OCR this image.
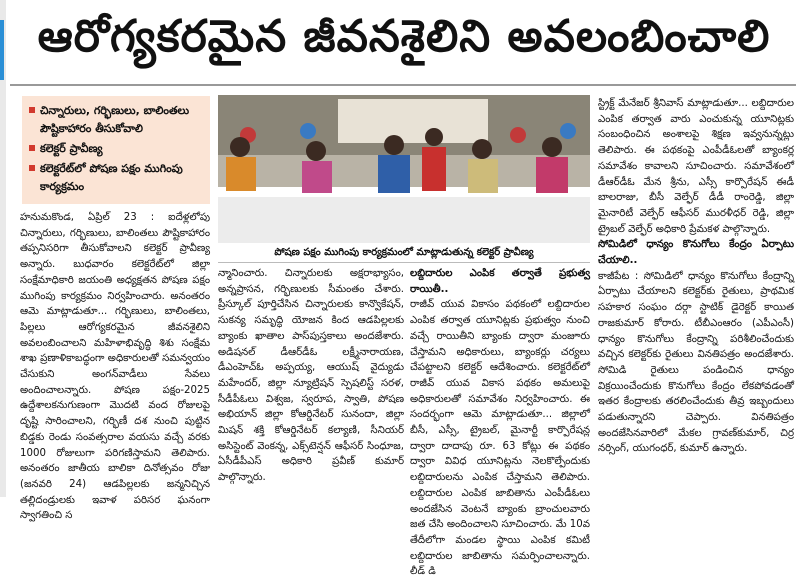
ఆరోగ్యకరమైన జీవనశైలిని అవలంబించాలి
చిన్నారులు, గర్భిణులు, బాలింతలు పౌష్టికాహారం తీసుకోవాలి
కలెక్టర్ ప్రావీణ్య
కలెక్టరేట్‌లో పోషణ పక్షం ముగింపు కార్యక్రమం
పోషణ పక్షం ముగింపు కార్యక్రమంలో మాట్లాడుతున్న కలెక్టర్ ప్రావీణ్య

హనుమకొండ, ఏప్రిల్ 23 : ఐదేళ్లలోపు చిన్నారులు, గర్భిణులు, బాలింతలు పౌష్టికాహారం తప్పనిసరిగా తీసుకోవాలని కలెక్టర్ ప్రావీణ్య అన్నారు. బుధవారం కలెక్టరేట్‌లో జిల్లా సంక్షేమాధికారి జయంతి అధ్యక్షతన పోషణ పక్షం ముగింపు కార్యక్రమం నిర్వహించారు. అనంతరం ఆమె మాట్లాడుతూ... గర్భిణులు, బాలింతలు, పిల్లలు ఆరోగ్యకరమైన జీవనశైలిని అవలంబించాలని మహిళాభివృద్ధి శిశు సంక్షేమ శాఖ ప్రణాళికాబద్ధంగా అధికారులతో సమన్వయం చేసుకుని అంగన్‌వాడీలు సేవలు అందించాలన్నారు. పోషణ పక్షం-2025 ఉద్దేశాలకనుగుణంగా మొదటి వంద రోజులపై దృష్టి సారించాలని, గర్భిణీ దశ నుంచి పుట్టిన బిడ్డకు రెండు సంవత్సరాల వయసు వచ్చే వరకు 1000 రోజులుగా పరిగణిస్తామని తెలిపారు. అనంతరం జాతీయ బాలికా దినోత్సవం రోజు (జనవరి 24) ఆడపిల్లలకు జన్మనిచ్చిన తల్లిదండ్రులకు ఇవాళ పరిసర ఘనంగా స్వాగతించి స

న్మానించారు. చిన్నారులకు అక్షరాభ్యాసం, అన్నప్రాసన, గర్భిణులకు సీమంతం చేశారు. ప్రీస్కూల్ పూర్తిచేసిన చిన్నారులకు కాన్వొకేషన్, సుకన్య సమృద్ధి యోజన కింద ఆడపిల్లలకు బ్యాంకు ఖాతాల పాస్‌పుస్తకాలు అందజేశారు. అడిషనల్ డీఆర్‌డీఓ లక్ష్మీనారాయణ, డీఎంహెచ్‌ఓ అప్పయ్య, ఆయుష్ వైద్యుడు మహేందర్, జిల్లా న్యూట్రిషన్ స్పెషలిస్ట్ సరళ, సీడీపీఓలు విశ్వజ, స్వరూప, స్వాతి, పోషణ అభియాన్ జిల్లా కోఆర్డినేటర్ సునందా, జిల్లా మిషన్ శక్తి కోఆర్డినేటర్ కల్యాణి, సీనియర్ అసిస్టెంట్ వెంకన్న, ఎక్స్‌టెన్షన్ ఆఫీసర్ సింధూజ, ఏసీడీపీఎస్ అధికారి ప్రవీణ్ కుమార్ పాల్గొన్నారు.

లబ్దిదారుల ఎంపిక తర్వాతే ప్రభుత్వ రాయితీ..

రాజీవ్ యువ వికాసం పథకంలో లబ్దిదారుల ఎంపిక తర్వాత యూనిట్లకు ప్రభుత్వం నుంచి వచ్చే రాయితీని బ్యాంకు ద్వారా మంజూరు చేస్తామని అధికారులు, బ్యాంకర్లు చర్యలు చేపట్టాలని కలెక్టర్ ఆదేశించారు. కలెక్టరేట్‌లో రాజీవ్ యువ వికాస పథకం అమలుపై అధికారులతో సమావేశం నిర్వహించారు. ఈ సందర్భంగా ఆమె మాట్లాడుతూ... జిల్లాలో బీసీ, ఎస్సీ, ట్రైబల్, మైనార్టీ కార్పొరేషన్ల ద్వారా దాదాపు రూ. 63 కోట్లు ఈ పథకం ద్వారా వివిధ యూనిట్లను నెలకొల్పేందుకు లబ్దిదారులను ఎంపిక చేస్తామని తెలిపారు. లబ్దిదారుల ఎంపిక జాబితాను ఎంపీడీఓలు అందజేసిన వెంటనే బ్యాంకు బ్రాంచులవారు జత చేసి అందించాలని సూచించారు. మే 10వ తేదీలోగా మండల స్థాయి ఎంపిక కమిటీ లబ్దిదారుల జాబితాను సమర్పించాలన్నారు. లీడ్ డి

స్ట్రిక్ట్ మేనేజర్ శ్రీనివాస్ మాట్లాడుతూ... లబ్దిదారుల ఎంపిక తర్వాత వారు ఎంచుకున్న యూనిట్లకు సంబంధించిన అంశాలపై శిక్షణ ఇవ్వనున్నట్లు తెలిపారు. ఈ పథకంపై ఎంపీడీఓలతో బ్యాంకర్ల సమావేశం కావాలని సూచించారు. సమావేశంలో డీఆర్‌డీఓ మేన శ్రీను, ఎస్సీ కార్పొరేషన్ ఈడీ బాలరాజు, బీసీ వెల్ఫేర్ డీడీ రాంరెడ్డి, జిల్లా మైనారిటీ వెల్ఫేర్ ఆఫీసర్ మురళీధర్ రెడ్డి, జిల్లా ట్రైబల్ వెల్ఫేర్ అధికారి ప్రేమకళ పాల్గొన్నారు.

సోమిడిలో ధాన్యం కొనుగోలు కేంద్రం ఏర్పాటు చేయాలి..

కాజీపేట : సోమిడిలో ధాన్యం కొనుగోలు కేంద్రాన్ని ఏర్పాటు చేయాలని కలెక్టర్‌కు రైతులు, ప్రాథమిక సహకార సంఘం దర్గా స్టాటిక్ డైరెక్టర్ కాయిత రాజకుమార్ కోరారు. టీబీఎంఆరం (ఎపీఎంసీ) ధాన్యం కొనుగోలు కేంద్రాన్ని పరిశీలించేందుకు వచ్చిన కలెక్టర్‌కు రైతులు వినతిపత్రం అందజేశారు. సోమిడి రైతులు పండించిన ధాన్యం విక్రయించేందుకు కొనుగోలు కేంద్రం లేకపోవడంతో ఇతర కేంద్రాలకు తరలించేందుకు తీవ్ర ఇబ్బందులు పడుతున్నారని చెప్పారు. వినతిపత్రం అందజేసినవారిలో మేకల గ్రావణ్‌కుమార్, చిర్ర నర్సింగ్, యుగంధర్, కుమార్ ఉన్నారు.
